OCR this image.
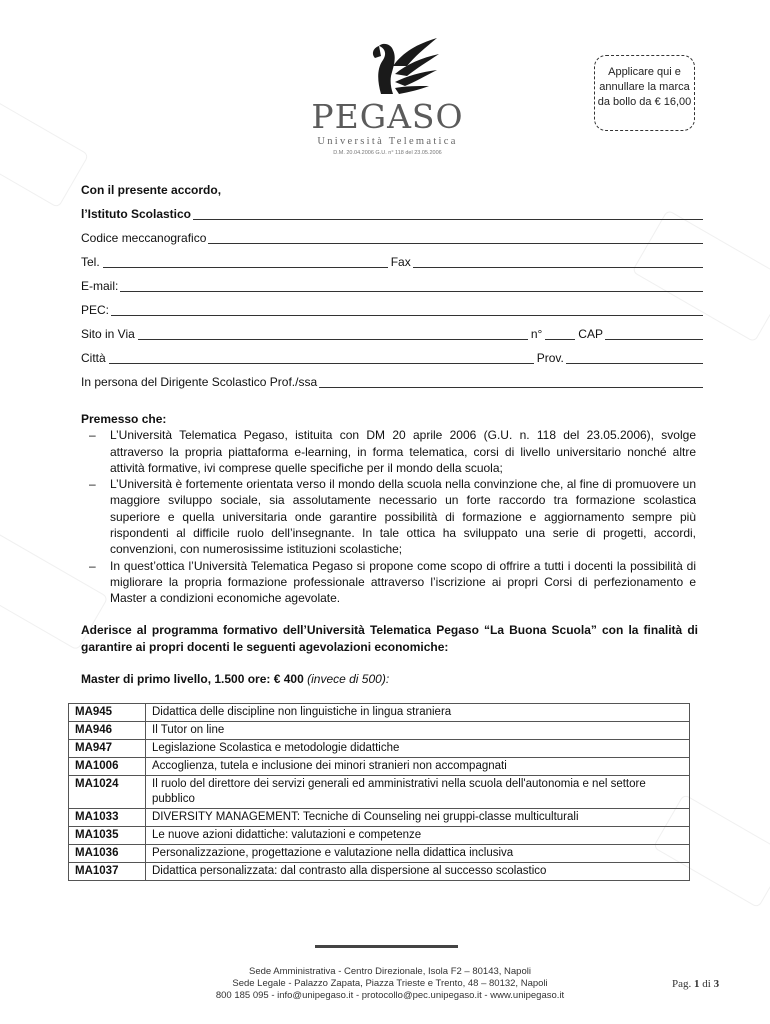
PEGASO
Università Telematica
D.M. 20.04.2006 G.U. n° 118 del 23.05.2006
Applicare qui e annullare la marca da bollo da € 16,00
Con il presente accordo,
l’Istituto Scolastico
Codice meccanografico
Tel.	Fax
E-mail:
PEC:
Sito in Via	n°	CAP
Città	Prov.
In persona del Dirigente Scolastico Prof./ssa
Premesso che:
– L’Università Telematica Pegaso, istituita con DM 20 aprile 2006 (G.U. n. 118 del 23.05.2006), svolge attraverso la propria piattaforma e-learning, in forma telematica, corsi di livello universitario nonché altre attività formative, ivi comprese quelle specifiche per il mondo della scuola;
– L’Università è fortemente orientata verso il mondo della scuola nella convinzione che, al fine di promuovere un maggiore sviluppo sociale, sia assolutamente necessario un forte raccordo tra formazione scolastica superiore e quella universitaria onde garantire possibilità di formazione e aggiornamento sempre più rispondenti al difficile ruolo dell’insegnante. In tale ottica ha sviluppato una serie di progetti, accordi, convenzioni, con numerosissime istituzioni scolastiche;
– In quest’ottica l’Università Telematica Pegaso si propone come scopo di offrire a tutti i docenti la possibilità di migliorare la propria formazione professionale attraverso l’iscrizione ai propri Corsi di perfezionamento e Master a condizioni economiche agevolate.
Aderisce al programma formativo dell’Università Telematica Pegaso “La Buona Scuola” con la finalità di garantire ai propri docenti le seguenti agevolazioni economiche:
Master di primo livello, 1.500 ore: € 400 (invece di 500):
MA945	Didattica delle discipline non linguistiche in lingua straniera
MA946	Il Tutor on line
MA947	Legislazione Scolastica e metodologie didattiche
MA1006	Accoglienza, tutela e inclusione dei minori stranieri non accompagnati
MA1024	Il ruolo del direttore dei servizi generali ed amministrativi nella scuola dell'autonomia e nel settore pubblico
MA1033	DIVERSITY MANAGEMENT: Tecniche di Counseling nei gruppi-classe multiculturali
MA1035	Le nuove azioni didattiche: valutazioni e competenze
MA1036	Personalizzazione, progettazione e valutazione nella didattica inclusiva
MA1037	Didattica personalizzata: dal contrasto alla dispersione al successo scolastico
Sede Amministrativa - Centro Direzionale, Isola F2 – 80143, Napoli
Sede Legale - Palazzo Zapata, Piazza Trieste e Trento, 48 – 80132, Napoli
800 185 095 - info@unipegaso.it - protocollo@pec.unipegaso.it - www.unipegaso.it
Pag. 1 di 3
